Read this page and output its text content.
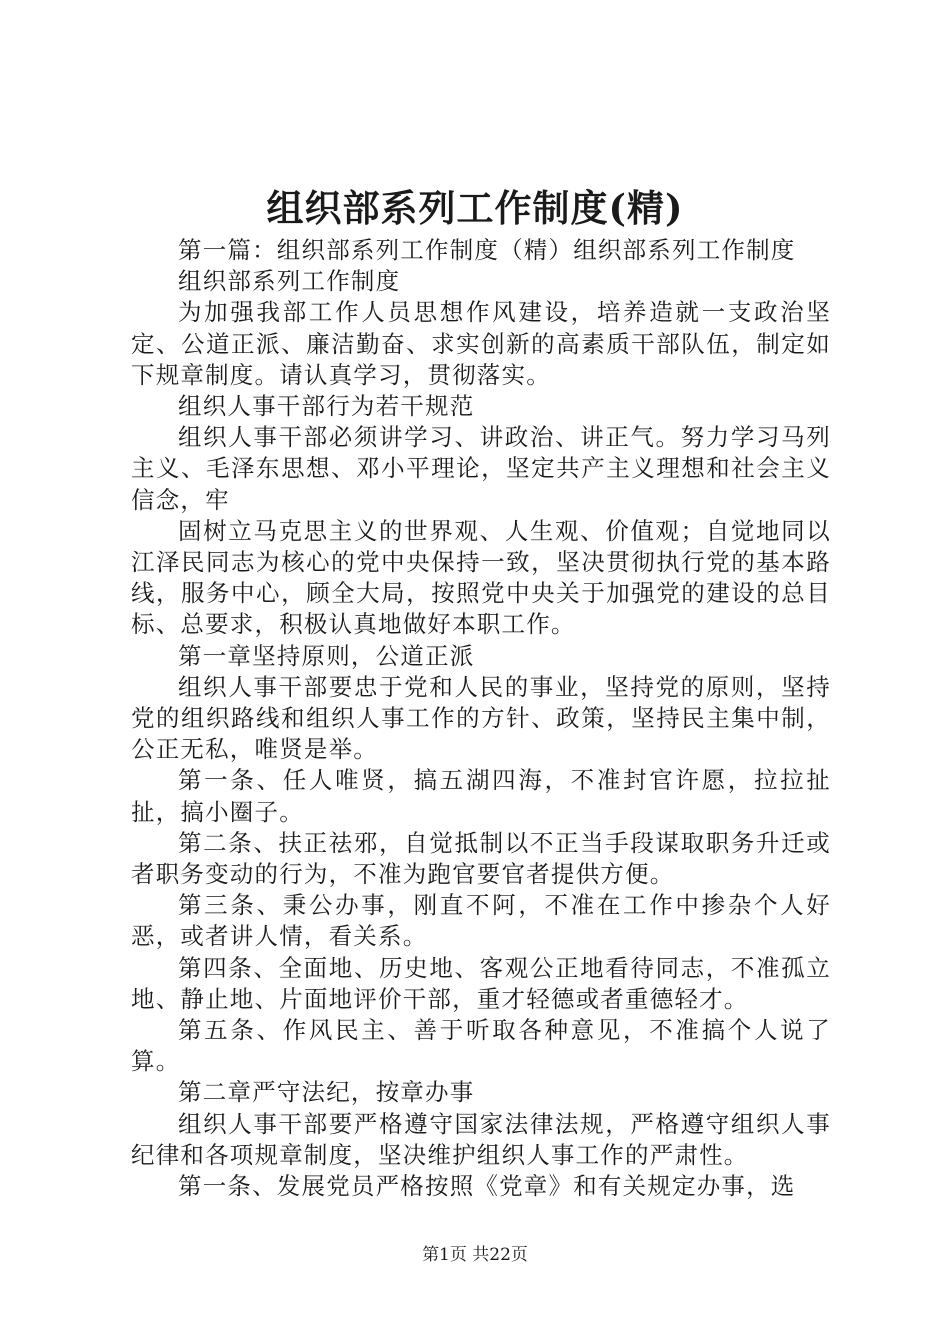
组织部系列工作制度(精)

第一篇：组织部系列工作制度（精）组织部系列工作制度

组织部系列工作制度

为加强我部工作人员思想作风建设，培养造就一支政治坚定、公道正派、廉洁勤奋、求实创新的高素质干部队伍，制定如下规章制度。请认真学习，贯彻落实。

组织人事干部行为若干规范

组织人事干部必须讲学习、讲政治、讲正气。努力学习马列主义、毛泽东思想、邓小平理论，坚定共产主义理想和社会主义信念，牢

固树立马克思主义的世界观、人生观、价值观；自觉地同以江泽民同志为核心的党中央保持一致，坚决贯彻执行党的基本路线，服务中心，顾全大局，按照党中央关于加强党的建设的总目标、总要求，积极认真地做好本职工作。

第一章坚持原则，公道正派

组织人事干部要忠于党和人民的事业，坚持党的原则，坚持党的组织路线和组织人事工作的方针、政策，坚持民主集中制，公正无私，唯贤是举。

第一条、任人唯贤，搞五湖四海，不准封官许愿，拉拉扯扯，搞小圈子。

第二条、扶正祛邪，自觉抵制以不正当手段谋取职务升迁或者职务变动的行为，不准为跑官要官者提供方便。

第三条、秉公办事，刚直不阿，不准在工作中掺杂个人好恶，或者讲人情，看关系。

第四条、全面地、历史地、客观公正地看待同志，不准孤立地、静止地、片面地评价干部，重才轻德或者重德轻才。

第五条、作风民主、善于听取各种意见，不准搞个人说了算。

第二章严守法纪，按章办事

组织人事干部要严格遵守国家法律法规，严格遵守组织人事纪律和各项规章制度，坚决维护组织人事工作的严肃性。

第一条、发展党员严格按照《党章》和有关规定办事，选

第1页 共22页
